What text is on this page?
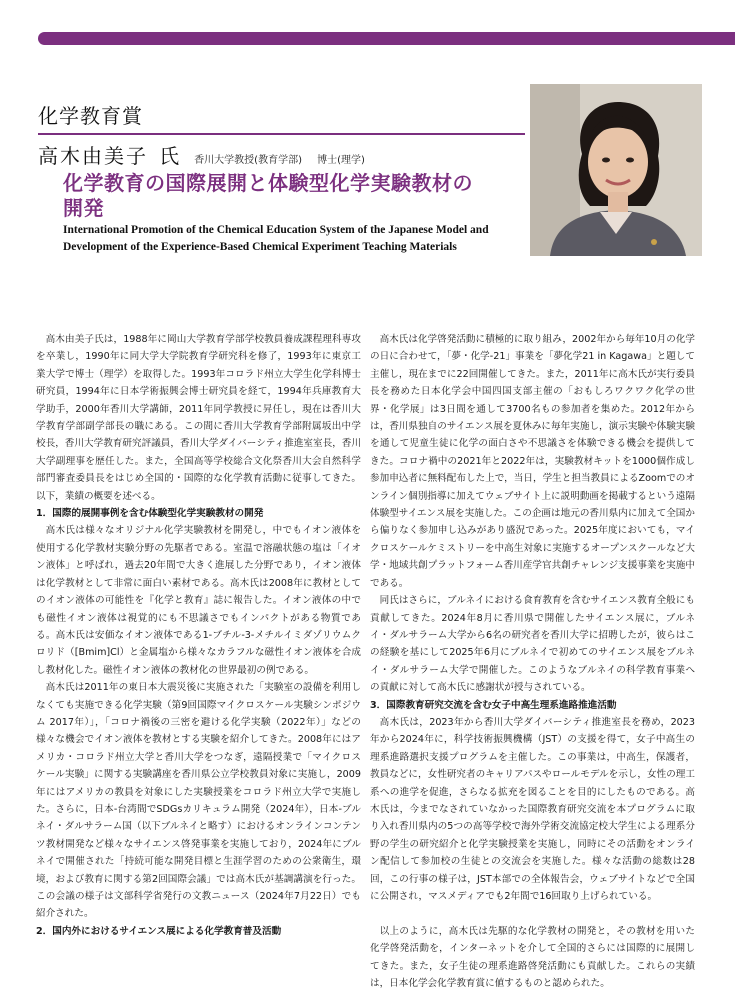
化学教育賞
高木由美子 氏 香川大学教授(教育学部) 博士(理学)
化学教育の国際展開と体験型化学実験教材の
開発
International Promotion of the Chemical Education System of the Japanese Model and
Development of the Experience-Based Chemical Experiment Teaching Materials

高木由美子氏は，1988年に岡山大学教育学部学校教員養成課程理科専攻を卒業し，1990年に同大学大学院教育学研究科を修了，1993年に東京工業大学で博士（理学）を取得した。1993年コロラド州立大学生化学科博士研究員，1994年に日本学術振興会博士研究員を経て，1994年兵庫教育大学助手，2000年香川大学講師，2011年同学教授に昇任し，現在は香川大学教育学部副学部長の職にある。この間に香川大学教育学部附属坂出中学校長，香川大学教育研究評議員，香川大学ダイバーシティ推進室室長，香川大学副理事を歴任した。また，全国高等学校総合文化祭香川大会自然科学部門審査委員長をはじめ全国的・国際的な化学教育活動に従事してきた。以下，業績の概要を述べる。

1．国際的展開事例を含む体験型化学実験教材の開発

高木氏は様々なオリジナル化学実験教材を開発し，中でもイオン液体を使用する化学教材実験分野の先駆者である。室温で溶融状態の塩は「イオン液体」と呼ばれ，過去20年間で大きく進展した分野であり，イオン液体は化学教材として非常に面白い素材である。高木氏は2008年に教材としてのイオン液体の可能性を『化学と教育』誌に報告した。イオン液体の中でも磁性イオン液体は視覚的にも不思議さでもインパクトがある物質である。高木氏は安価なイオン液体である1-ブチル-3-メチルイミダゾリウムクロリド（[Bmim]Cl）と金属塩から様々なカラフルな磁性イオン液体を合成し教材化した。磁性イオン液体の教材化の世界最初の例である。

高木氏は2011年の東日本大震災後に実施された「実験室の設備を利用しなくても実施できる化学実験（第9回国際マイクロスケール実験シンポジウム 2017年）」，「コロナ禍後の三密を避ける化学実験（2022年）」などの様々な機会でイオン液体を教材とする実験を紹介してきた。2008年にはアメリカ・コロラド州立大学と香川大学をつなぎ，遠隔授業で「マイクロスケール実験」に関する実験講座を香川県公立学校教員対象に実施し，2009年にはアメリカの教員を対象にした実験授業をコロラド州立大学で実施した。さらに，日本-台湾間でSDGsカリキュラム開発（2024年），日本-ブルネイ・ダルサラーム国（以下ブルネイと略す）におけるオンラインコンテンツ教材開発など様々なサイエンス啓発事業を実施しており，2024年にブルネイで開催された「持続可能な開発目標と生涯学習のための公衆衛生，環境，および教育に関する第2回国際会議」では高木氏が基調講演を行った。この会議の様子は文部科学省発行の文教ニュース（2024年7月22日）でも紹介された。

2．国内外におけるサイエンス展による化学教育普及活動

高木氏は化学啓発活動に積極的に取り組み，2002年から毎年10月の化学の日に合わせて，「夢・化学-21」事業を「夢化学21 in Kagawa」と題して主催し，現在までに22回開催してきた。また，2011年に高木氏が実行委員長を務めた日本化学会中国四国支部主催の「おもしろワクワク化学の世界・化学展」は3日間を通して3700名もの参加者を集めた。2012年からは，香川県独自のサイエンス展を夏休みに毎年実施し，演示実験や体験実験を通して児童生徒に化学の面白さや不思議さを体験できる機会を提供してきた。コロナ禍中の2021年と2022年は，実験教材キットを1000個作成し参加申込者に無料配布した上で，当日，学生と担当教員によるZoomでのオンライン個別指導に加えてウェブサイト上に説明動画を掲載するという遠隔体験型サイエンス展を実施した。この企画は地元の香川県内に加えて全国から偏りなく参加申し込みがあり盛況であった。2025年度においても，マイクロスケールケミストリーを中高生対象に実施するオープンスクールなど大学・地域共創プラットフォーム香川産学官共創チャレンジ支援事業を実施中である。

同氏はさらに，ブルネイにおける食育教育を含むサイエンス教育全般にも貢献してきた。2024年8月に香川県で開催したサイエンス展に，ブルネイ・ダルサラーム大学から6名の研究者を香川大学に招聘したが，彼らはこの経験を基にして2025年6月にブルネイで初めてのサイエンス展をブルネイ・ダルサラーム大学で開催した。このようなブルネイの科学教育事業への貢献に対して高木氏に感謝状が授与されている。

3．国際教育研究交流を含む女子中高生理系進路推進活動

高木氏は，2023年から香川大学ダイバーシティ推進室長を務め，2023年から2024年に，科学技術振興機構（JST）の支援を得て，女子中高生の理系進路選択支援プログラムを主催した。この事業は，中高生，保護者，教員などに，女性研究者のキャリアパスやロールモデルを示し，女性の理工系への進学を促進，さらなる拡充を図ることを目的にしたものである。高木氏は，今までなされていなかった国際教育研究交流を本プログラムに取り入れ香川県内の5つの高等学校で海外学術交流協定校大学生による理系分野の学生の研究紹介と化学実験授業を実施し，同時にその活動をオンライン配信して参加校の生徒との交流会を実施した。様々な活動の総数は28回，この行事の様子は，JST本部での全体報告会，ウェブサイトなどで全国に公開され，マスメディアでも2年間で16回取り上げられている。

以上のように，高木氏は先駆的な化学教材の開発と，その教材を用いた化学啓発活動を，インターネットを介して全国的さらには国際的に展開してきた。また，女子生徒の理系進路啓発活動にも貢献した。これらの実績は，日本化学会化学教育賞に値するものと認められた。
